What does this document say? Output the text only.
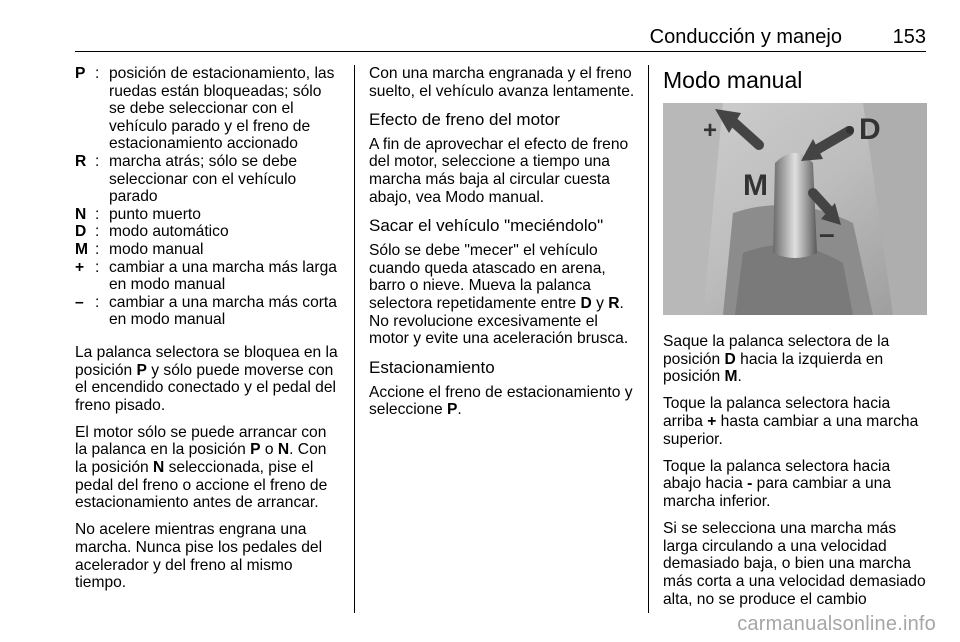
Conducción y manejo	153
P : posición de estacionamiento, las ruedas están bloqueadas; sólo se debe seleccionar con el vehículo parado y el freno de estacionamiento accionado
R : marcha atrás; sólo se debe seleccionar con el vehículo parado
N : punto muerto
D : modo automático
M : modo manual
+ : cambiar a una marcha más larga en modo manual
– : cambiar a una marcha más corta en modo manual

La palanca selectora se bloquea en la posición P y sólo puede moverse con el encendido conectado y el pedal del freno pisado.

El motor sólo se puede arrancar con la palanca en la posición P o N. Con la posición N seleccionada, pise el pedal del freno o accione el freno de estacionamiento antes de arrancar.

No acelere mientras engrana una marcha. Nunca pise los pedales del acelerador y del freno al mismo tiempo.

Con una marcha engranada y el freno suelto, el vehículo avanza lentamente.

Efecto de freno del motor

A fin de aprovechar el efecto de freno del motor, seleccione a tiempo una marcha más baja al circular cuesta abajo, vea Modo manual.

Sacar el vehículo "meciéndolo"

Sólo se debe "mecer" el vehículo cuando queda atascado en arena, barro o nieve. Mueva la palanca selectora repetidamente entre D y R. No revolucione excesivamente el motor y evite una aceleración brusca.

Estacionamiento

Accione el freno de estacionamiento y seleccione P.

Modo manual
+	D
M
–

Saque la palanca selectora de la posición D hacia la izquierda en posición M.

Toque la palanca selectora hacia arriba + hasta cambiar a una marcha superior.

Toque la palanca selectora hacia abajo hacia - para cambiar a una marcha inferior.

Si se selecciona una marcha más larga circulando a una velocidad demasiado baja, o bien una marcha más corta a una velocidad demasiado alta, no se produce el cambio

carmanualsonline.info
